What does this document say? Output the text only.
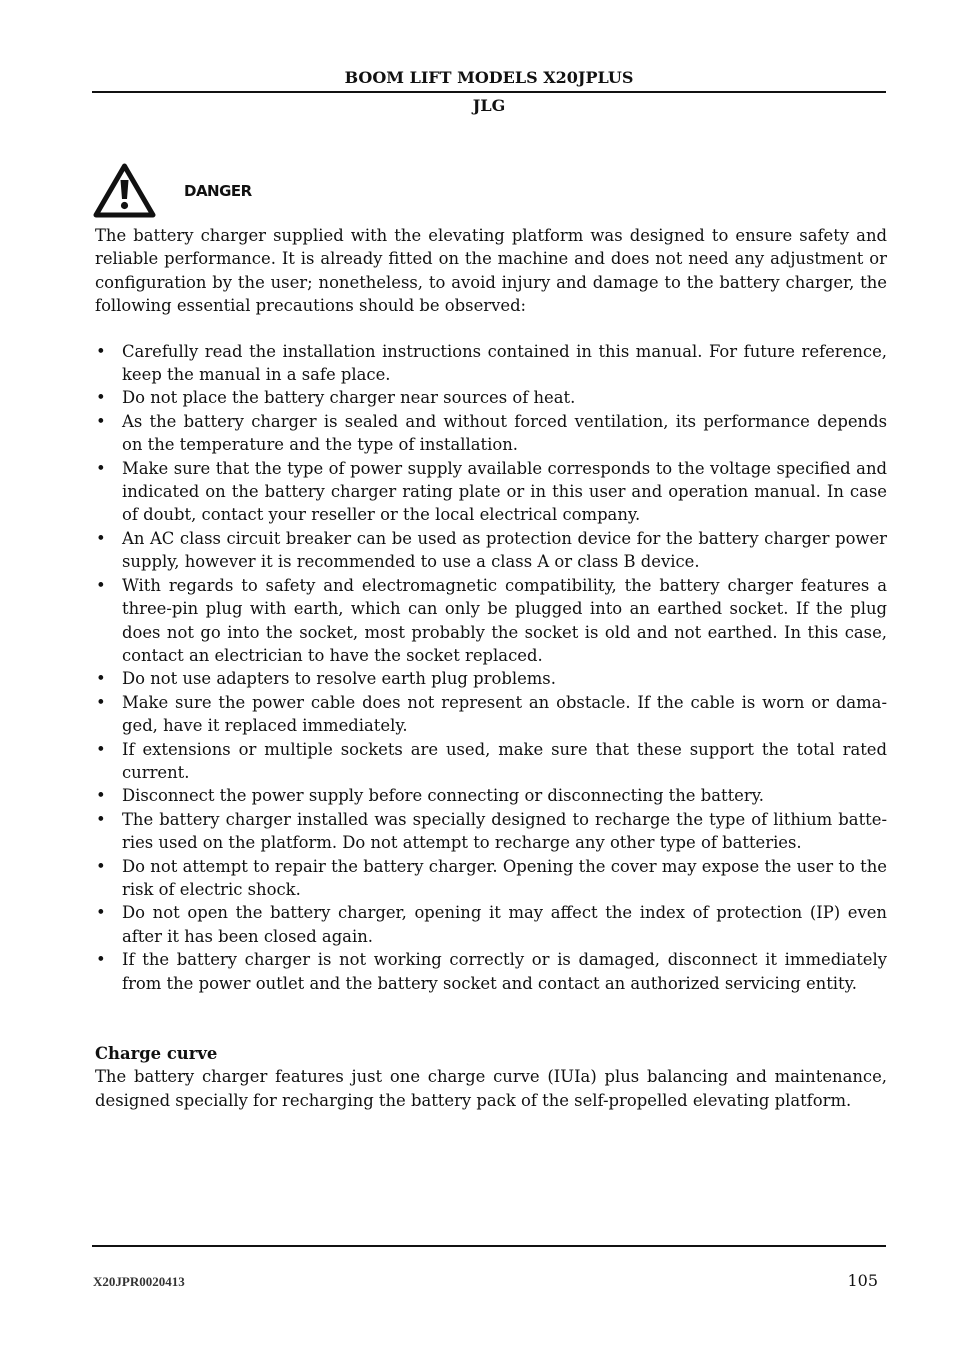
BOOM LIFT MODELS X20JPLUS
JLG
DANGER

The battery charger supplied with the elevating platform was designed to ensure safety and reliable performance. It is already fitted on the machine and does not need any adjustment or configuration by the user; nonetheless, to avoid injury and damage to the battery charger, the following essential precautions should be observed:

• Carefully read the installation instructions contained in this manual. For future reference, keep the manual in a safe place.
• Do not place the battery charger near sources of heat.
• As the battery charger is sealed and without forced ventilation, its performance depends on the temperature and the type of installation.
• Make sure that the type of power supply available corresponds to the voltage specified and indicated on the battery charger rating plate or in this user and operation manual. In case of doubt, contact your reseller or the local electrical company.
• An AC class circuit breaker can be used as protection device for the battery charger power supply, however it is recommended to use a class A or class B device.
• With regards to safety and electromagnetic compatibility, the battery charger features a three-pin plug with earth, which can only be plugged into an earthed socket. If the plug does not go into the socket, most probably the socket is old and not earthed. In this case, contact an electrician to have the socket replaced.
• Do not use adapters to resolve earth plug problems.
• Make sure the power cable does not represent an obstacle. If the cable is worn or damaged, have it replaced immediately.
• If extensions or multiple sockets are used, make sure that these support the total rated current.
• Disconnect the power supply before connecting or disconnecting the battery.
• The battery charger installed was specially designed to recharge the type of lithium batteries used on the platform. Do not attempt to recharge any other type of batteries.
• Do not attempt to repair the battery charger. Opening the cover may expose the user to the risk of electric shock.
• Do not open the battery charger, opening it may affect the index of protection (IP) even after it has been closed again.
• If the battery charger is not working correctly or is damaged, disconnect it immediately from the power outlet and the battery socket and contact an authorized servicing entity.

Charge curve

The battery charger features just one charge curve (IUIa) plus balancing and maintenance, designed specially for recharging the battery pack of the self-propelled elevating platform.

X20JPR0020413	105
